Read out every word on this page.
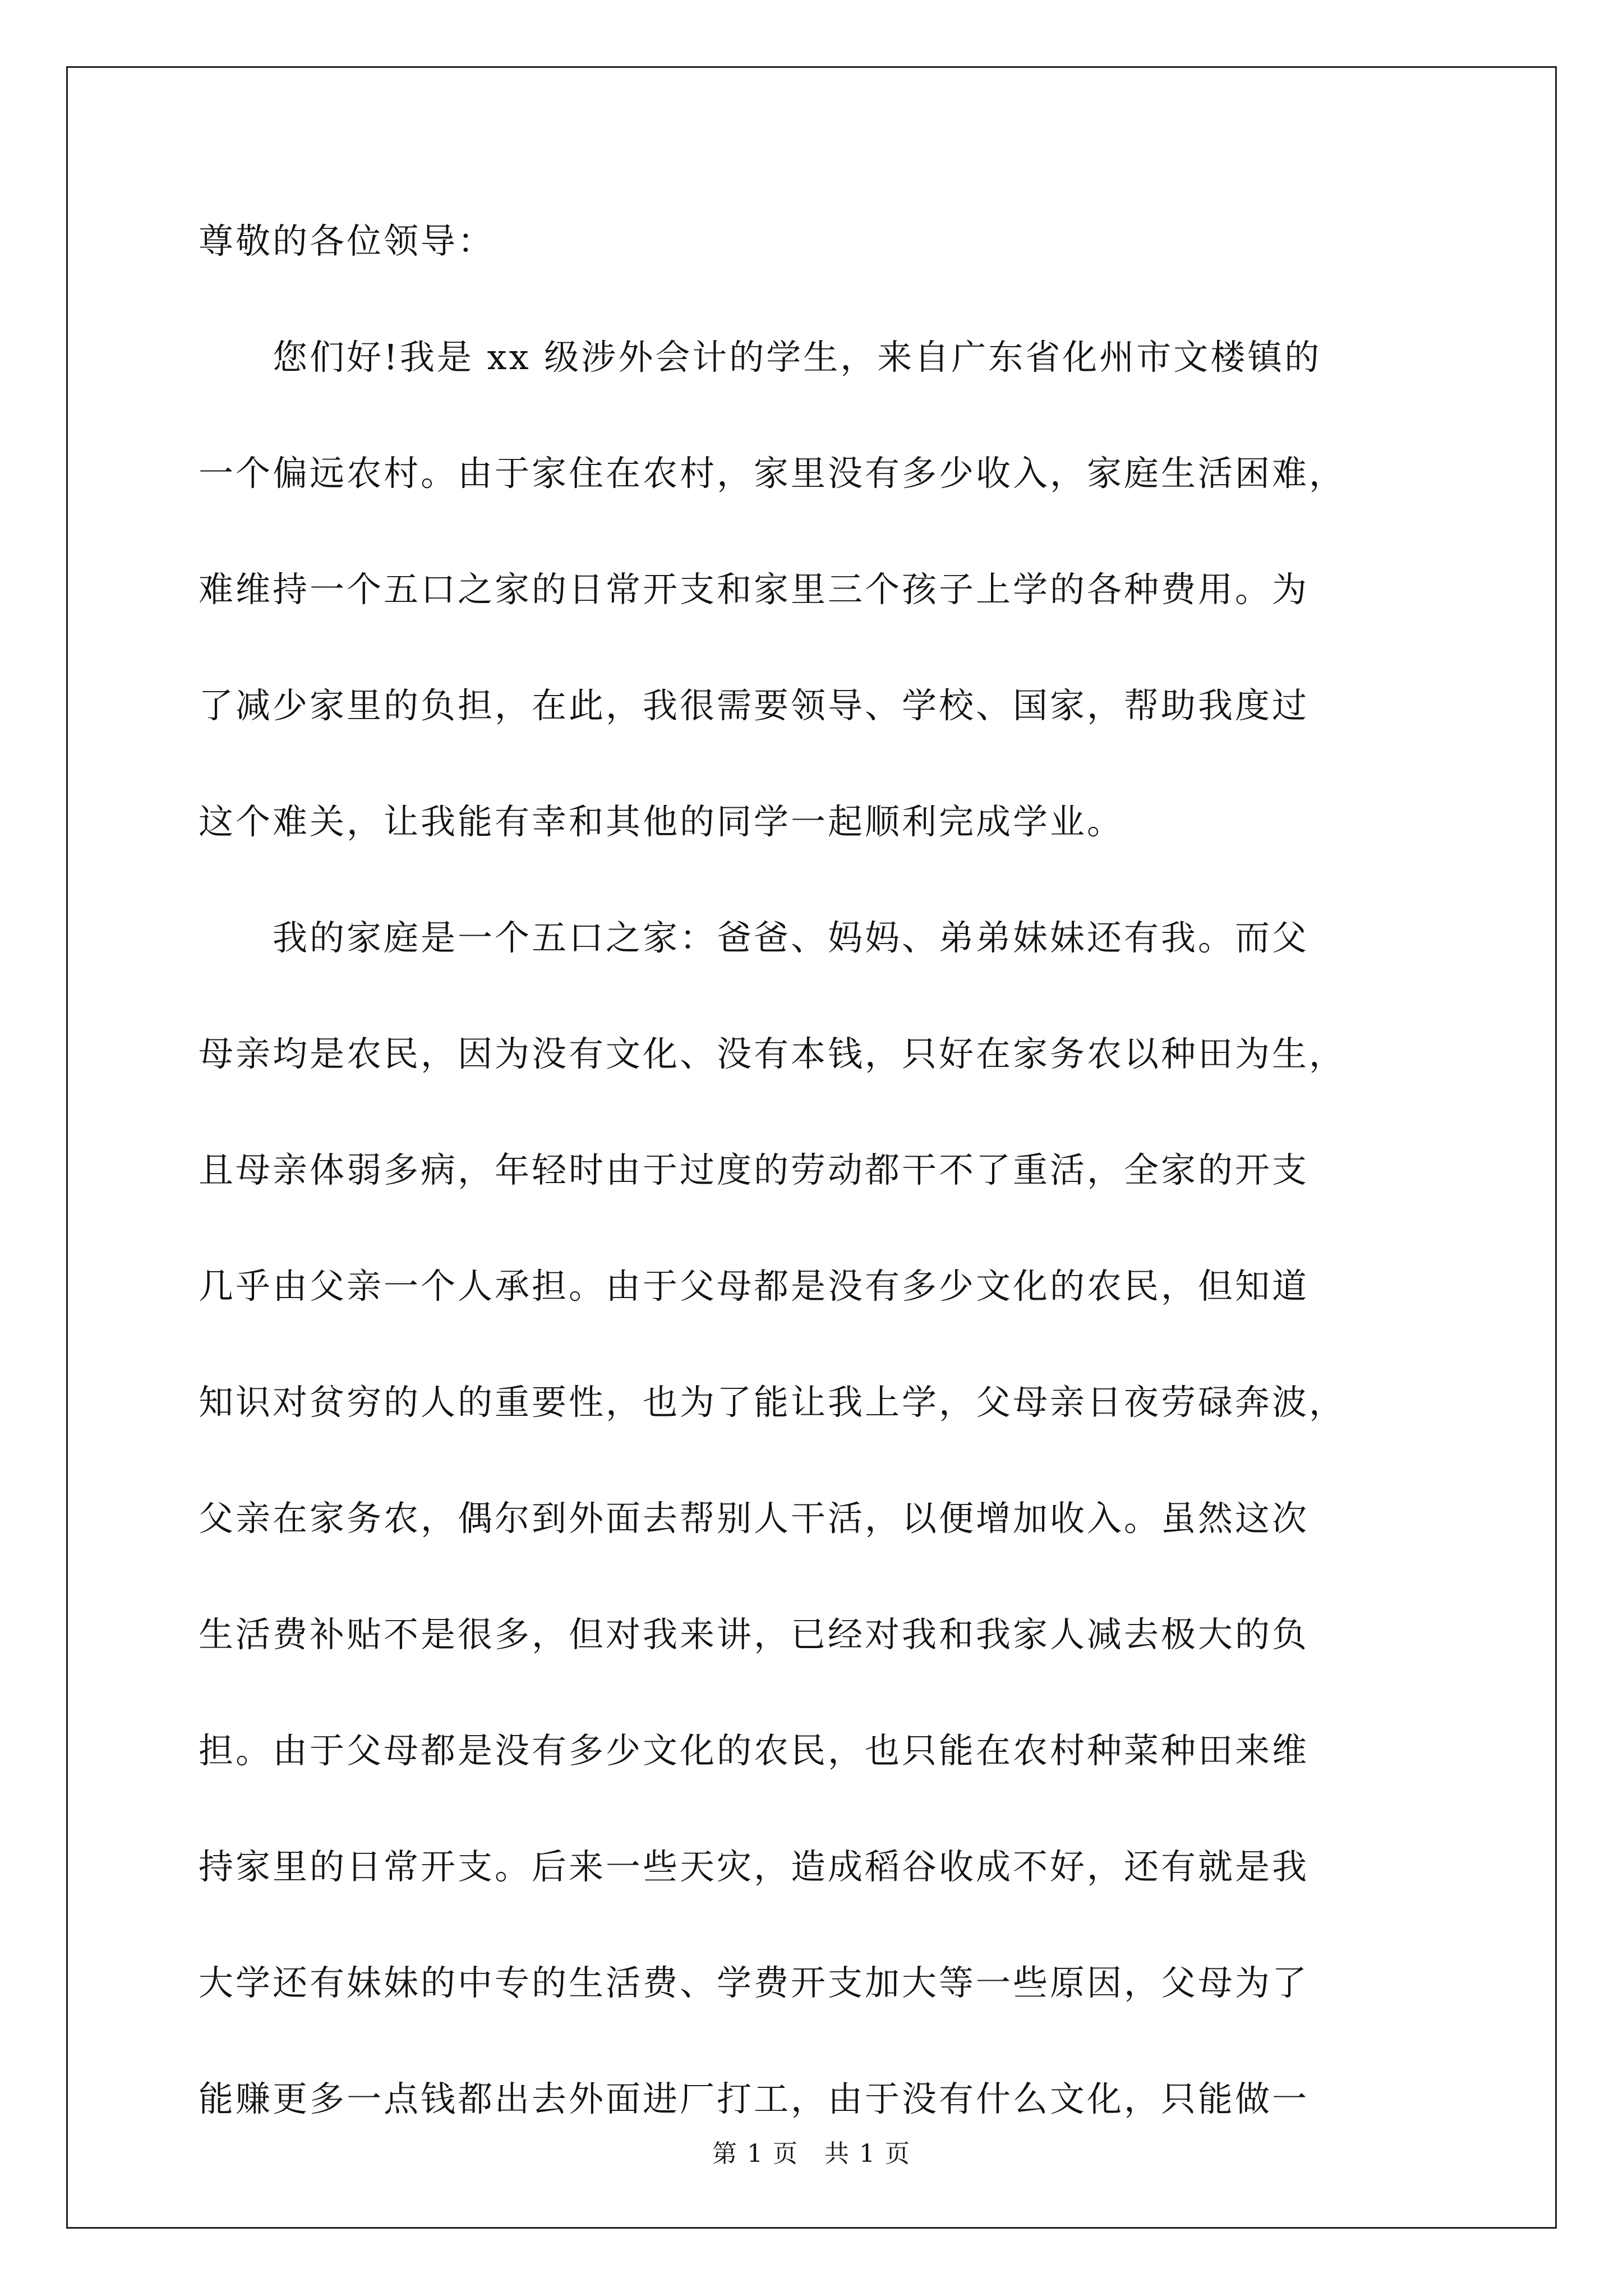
尊敬的各位领导：
　　您们好!我是 xx 级涉外会计的学生，来自广东省化州市文楼镇的
一个偏远农村。由于家住在农村，家里没有多少收入，家庭生活困难，
难维持一个五口之家的日常开支和家里三个孩子上学的各种费用。为
了减少家里的负担，在此，我很需要领导、学校、国家，帮助我度过
这个难关，让我能有幸和其他的同学一起顺利完成学业。
　　我的家庭是一个五口之家：爸爸、妈妈、弟弟妹妹还有我。而父
母亲均是农民，因为没有文化、没有本钱，只好在家务农以种田为生，
且母亲体弱多病，年轻时由于过度的劳动都干不了重活，全家的开支
几乎由父亲一个人承担。由于父母都是没有多少文化的农民，但知道
知识对贫穷的人的重要性，也为了能让我上学，父母亲日夜劳碌奔波，
父亲在家务农，偶尔到外面去帮别人干活，以便增加收入。虽然这次
生活费补贴不是很多，但对我来讲，已经对我和我家人减去极大的负
担。由于父母都是没有多少文化的农民，也只能在农村种菜种田来维
持家里的日常开支。后来一些天灾，造成稻谷收成不好，还有就是我
大学还有妹妹的中专的生活费、学费开支加大等一些原因，父母为了
第 1 页　共 1 页
能赚更多一点钱都出去外面进厂打工，由于没有什么文化，只能做一
